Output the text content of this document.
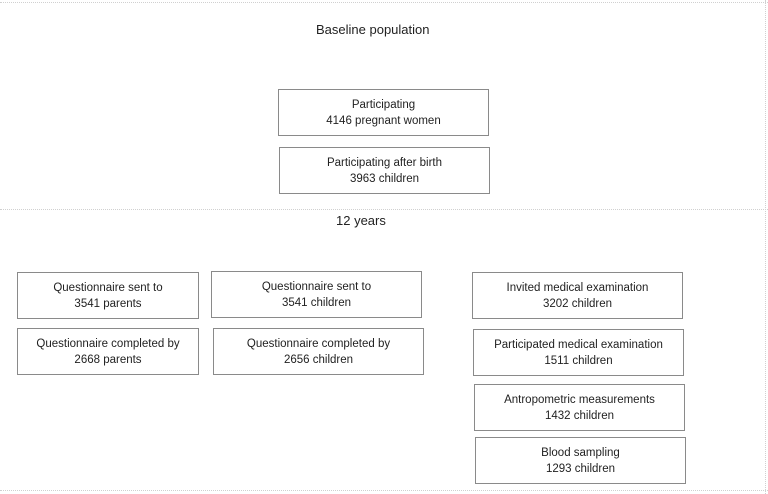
Baseline population
12 years
Participating
4146 pregnant women
Participating after birth
3963 children
Questionnaire sent to
3541 parents
Questionnaire completed by
2668 parents
Questionnaire sent to
3541 children
Questionnaire completed by
2656 children
Invited medical examination
3202 children
Participated medical examination
1511 children
Antropometric measurements
1432 children
Blood sampling
1293 children
